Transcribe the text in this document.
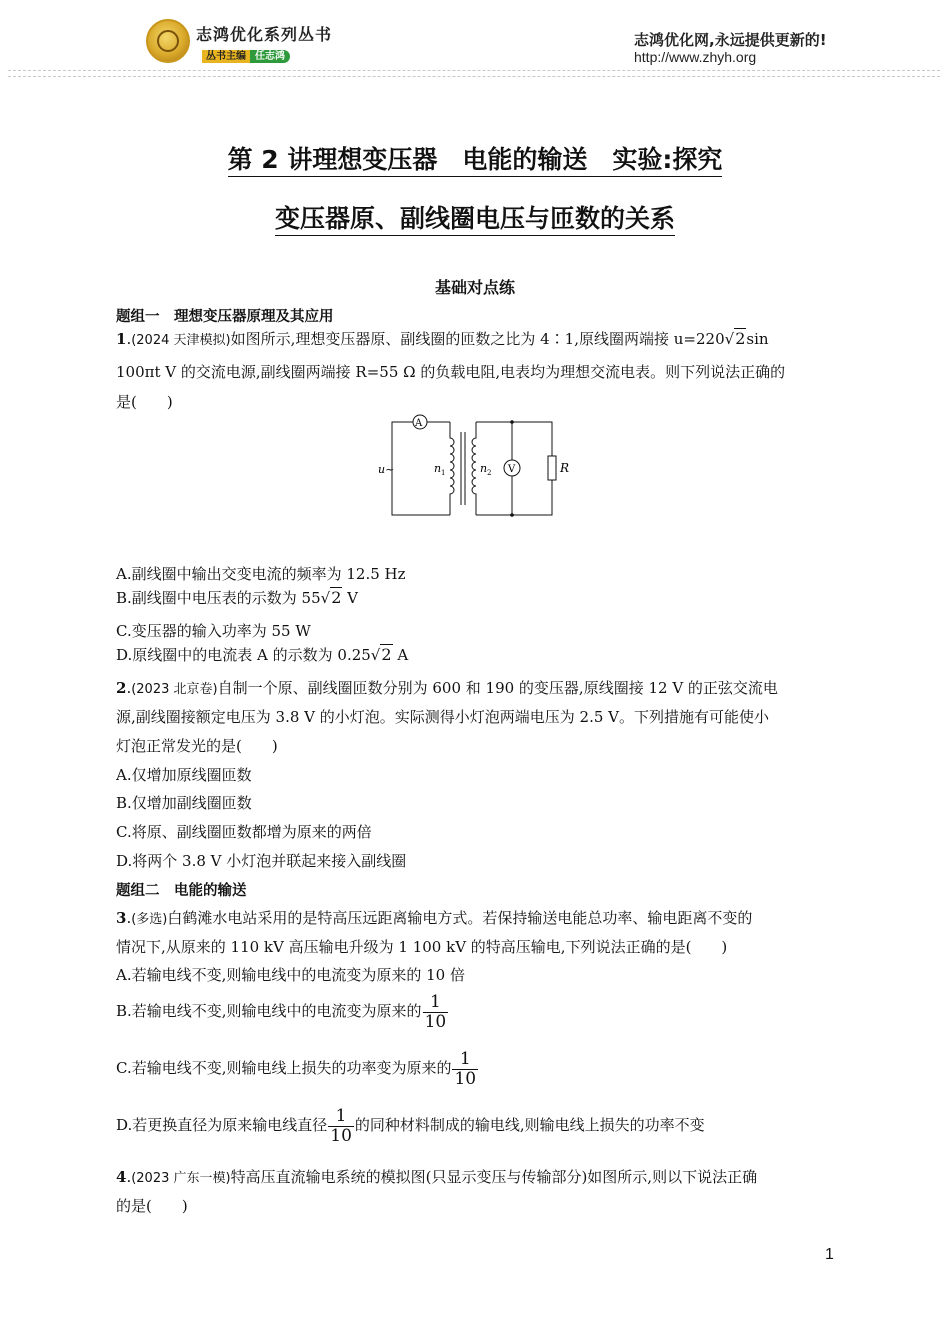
志鸿优化系列丛书
丛书主编 任志鸿
志鸿优化网,永远提供更新的!
http://www.zhyh.org
第 2 讲理想变压器　电能的输送　实验:探究
变压器原、副线圈电压与匝数的关系
基础对点练
题组一　理想变压器原理及其应用
1.(2024 天津模拟)如图所示,理想变压器原、副线圈的匝数之比为 4∶1,原线圈两端接 u=220√2sin
100πt V 的交流电源,副线圈两端接 R=55 Ω 的负载电阻,电表均为理想交流电表。则下列说法正确的
是(　　)
A
V
u~	n 1	n 2	R
A.副线圈中输出交变电流的频率为 12.5 Hz
B.副线圈中电压表的示数为 55√2 V
C.变压器的输入功率为 55 W
D.原线圈中的电流表 A 的示数为 0.25√2 A
2.(2023 北京卷)自制一个原、副线圈匝数分别为 600 和 190 的变压器,原线圈接 12 V 的正弦交流电
源,副线圈接额定电压为 3.8 V 的小灯泡。实际测得小灯泡两端电压为 2.5 V。下列措施有可能使小
灯泡正常发光的是(　　)
A.仅增加原线圈匝数
B.仅增加副线圈匝数
C.将原、副线圈匝数都增为原来的两倍
D.将两个 3.8 V 小灯泡并联起来接入副线圈
题组二　电能的输送
3.(多选)白鹤滩水电站采用的是特高压远距离输电方式。若保持输送电能总功率、输电距离不变的
情况下,从原来的 110 kV 高压输电升级为 1 100 kV 的特高压输电,下列说法正确的是(　　)
A.若输电线不变,则输电线中的电流变为原来的 10 倍
B.若输电线不变,则输电线中的电流变为原来的 $\frac{1}{10}$
C.若输电线不变,则输电线上损失的功率变为原来的 $\frac{1}{10}$
D.若更换直径为原来输电线直径 $\frac{1}{10}$ 的同种材料制成的输电线,则输电线上损失的功率不变
4.(2023 广东一模)特高压直流输电系统的模拟图(只显示变压与传输部分)如图所示,则以下说法正确
的是(　　)
1
